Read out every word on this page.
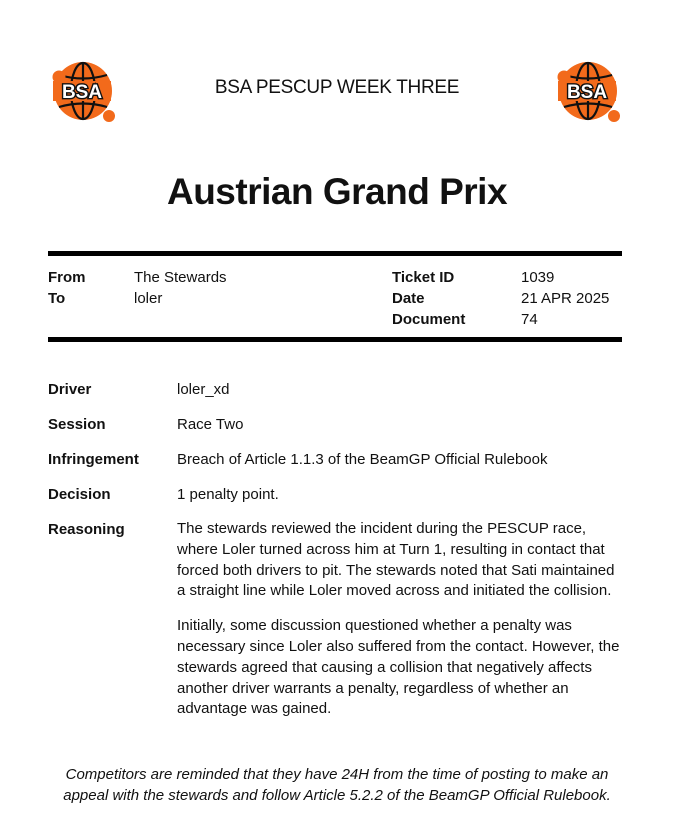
BSA	BSA
BSA PESCUP WEEK THREE
Austrian Grand Prix
From	The Stewards
To	loler
Ticket ID	1039
Date	21 APR 2025
Document	74
Driver	loler_xd
Session	Race Two
Infringement	Breach of Article 1.1.3 of the BeamGP Official Rulebook
Decision	1 penalty point.
Reasoning	The stewards reviewed the incident during the PESCUP race, where Loler turned across him at Turn 1, resulting in contact that forced both drivers to pit. The stewards noted that Sati maintained a straight line while Loler moved across and initiated the collision.

Initially, some discussion questioned whether a penalty was necessary since Loler also suffered from the contact. However, the stewards agreed that causing a collision that negatively affects another driver warrants a penalty, regardless of whether an advantage was gained.

Competitors are reminded that they have 24H from the time of posting to make an
appeal with the stewards and follow Article 5.2.2 of the BeamGP Official Rulebook.
